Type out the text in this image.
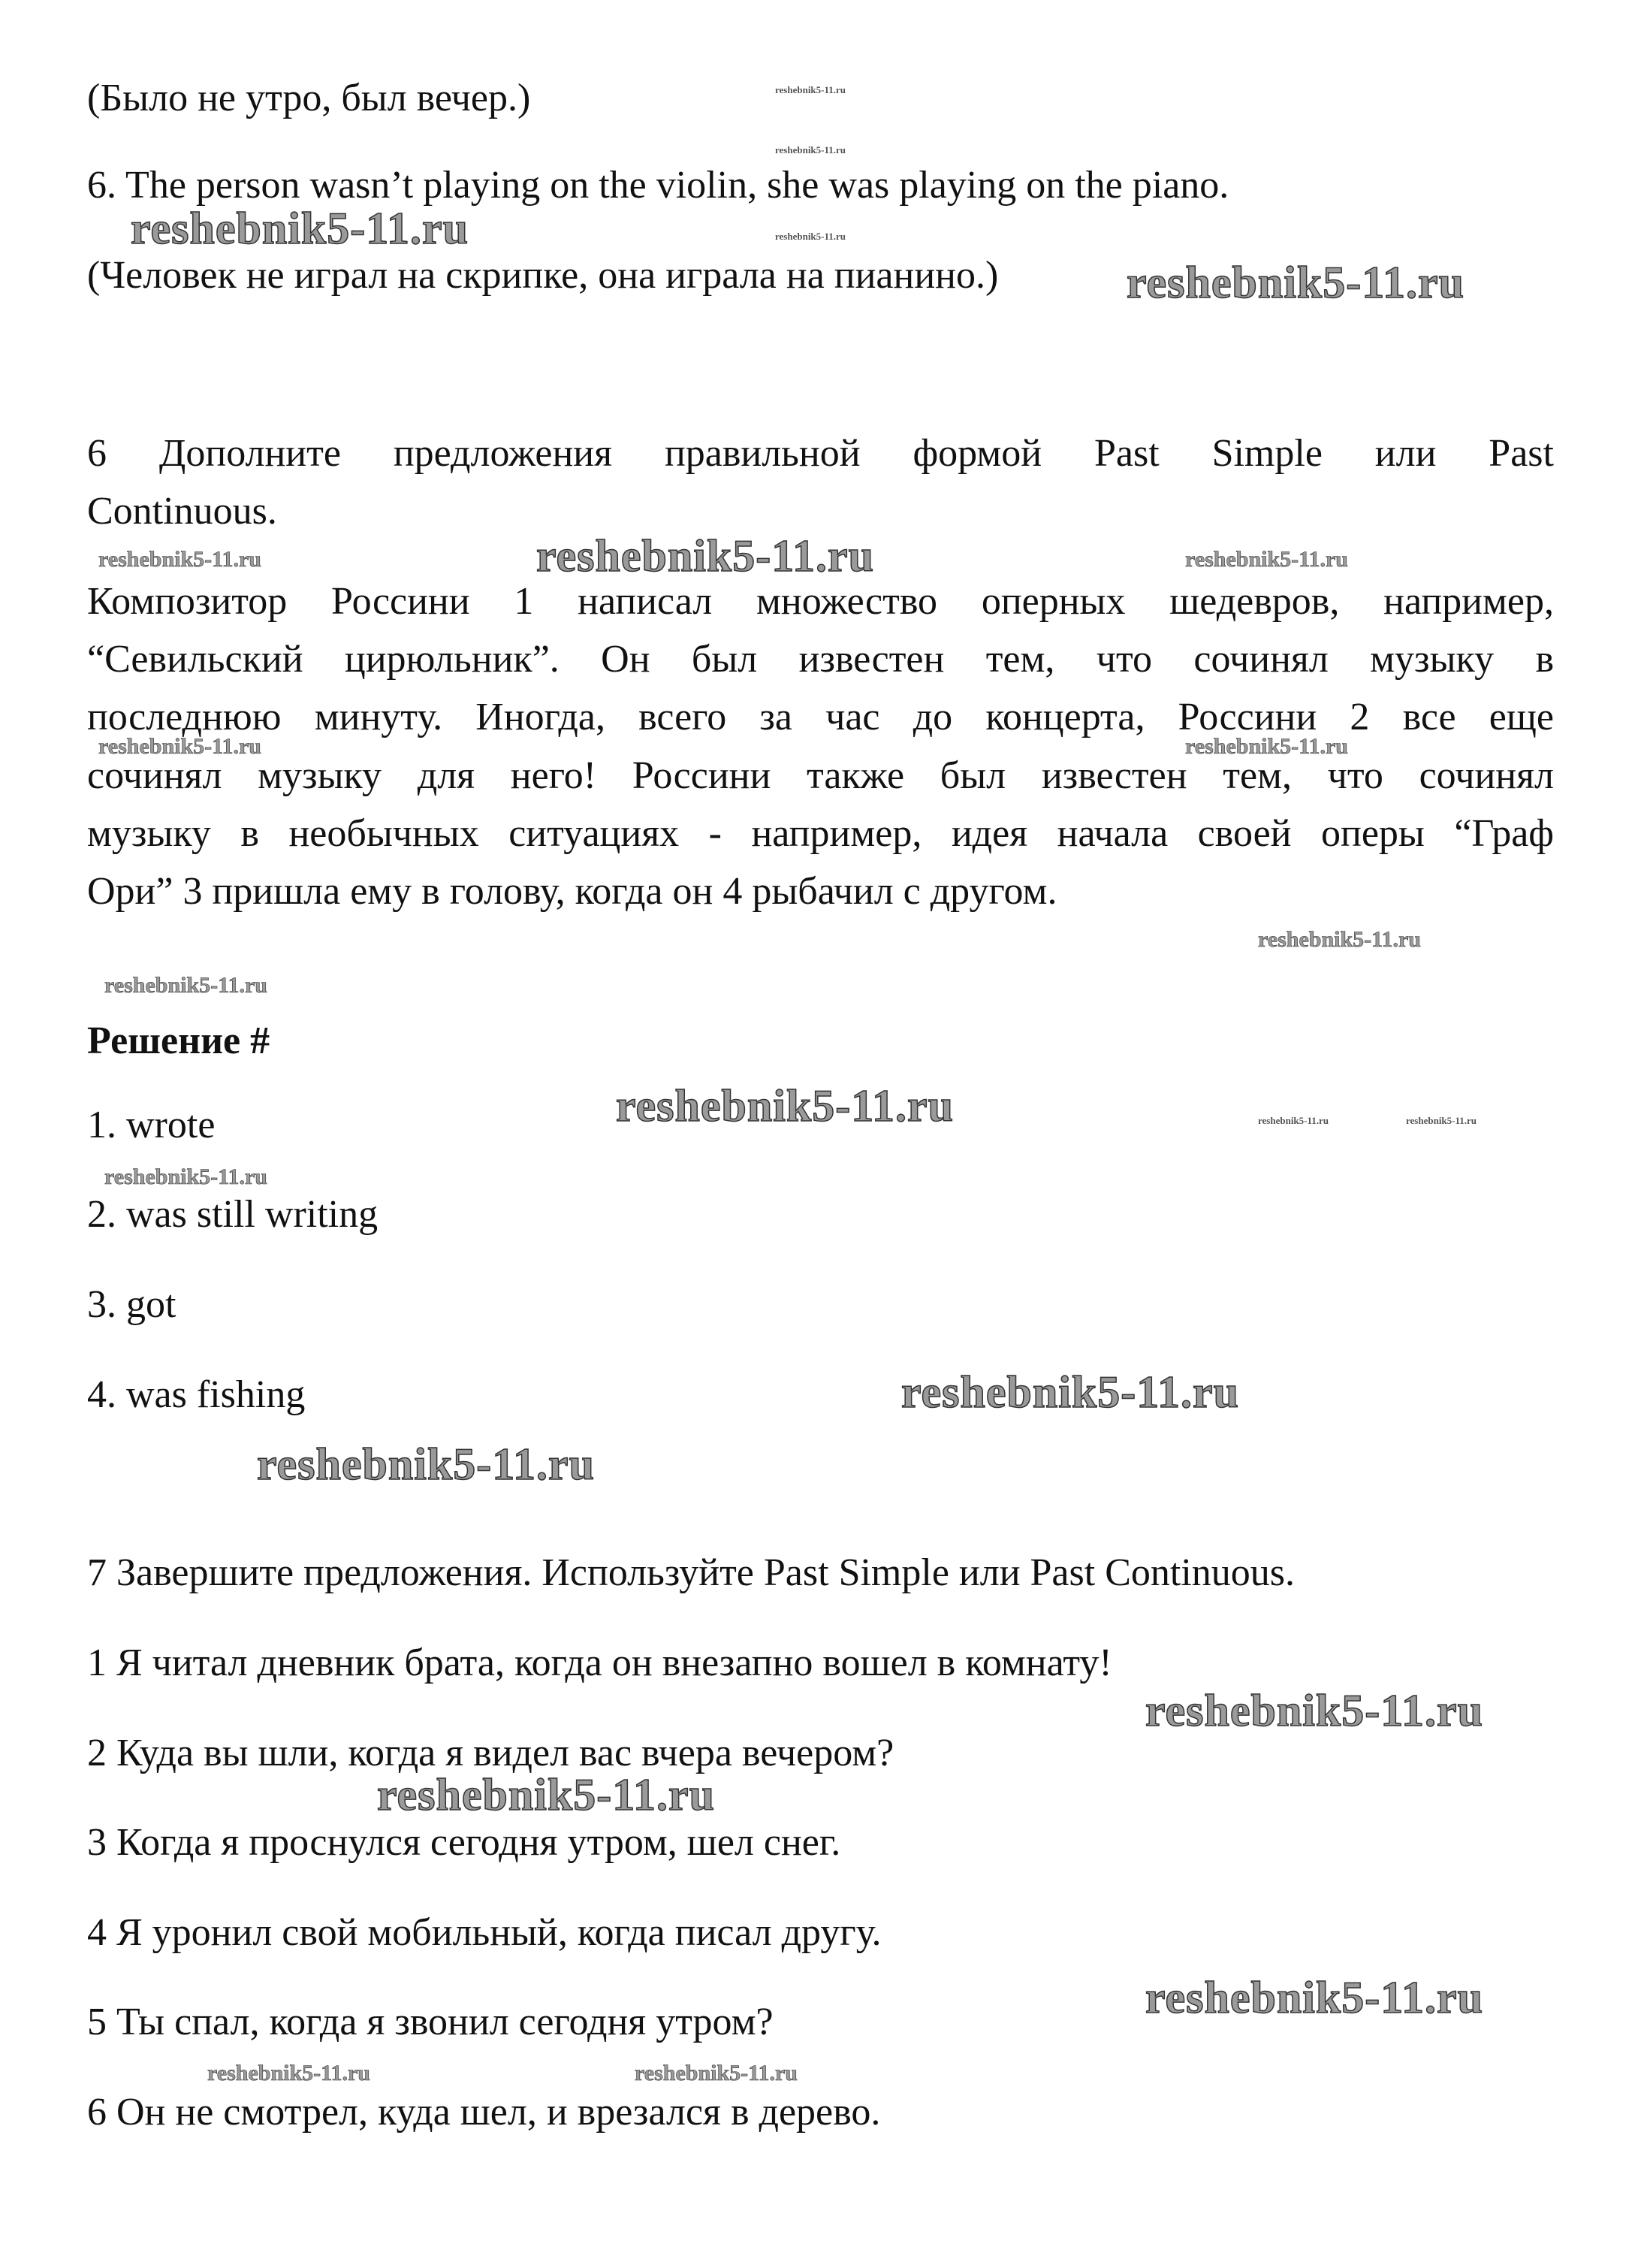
(Было не утро, был вечер.)
6. The person wasn’t playing on the violin, she was playing on the piano.
(Человек не играл на скрипке, она играла на пианино.)
6 Дополните предложения правильной формой Past Simple или Past
Continuous.
Композитор Россини 1 написал множество оперных шедевров, например,
“Севильский цирюльник”. Он был известен тем, что сочинял музыку в
последнюю минуту. Иногда, всего за час до концерта, Россини 2 все еще
сочинял музыку для него! Россини также был известен тем, что сочинял
музыку в необычных ситуациях - например, идея начала своей оперы “Граф
Ори” 3 пришла ему в голову, когда он 4 рыбачил с другом.
Решение #
1. wrote
2. was still writing
3. got
4. was fishing
7 Завершите предложения. Используйте Past Simple или Past Continuous.
1 Я читал дневник брата, когда он внезапно вошел в комнату!
2 Куда вы шли, когда я видел вас вчера вечером?
3 Когда я проснулся сегодня утром, шел снег.
4 Я уронил свой мобильный, когда писал другу.
5 Ты спал, когда я звонил сегодня утром?
6 Он не смотрел, куда шел, и врезался в дерево.
reshebnik5-11.ru
reshebnik5-11.ru
reshebnik5-11.ru
reshebnik5-11.ru
reshebnik5-11.ru
reshebnik5-11.ru	reshebnik5-11.ru	reshebnik5-11.ru
reshebnik5-11.ru	reshebnik5-11.ru
reshebnik5-11.ru
reshebnik5-11.ru
reshebnik5-11.ru	reshebnik5-11.ru	reshebnik5-11.ru
reshebnik5-11.ru
reshebnik5-11.ru
reshebnik5-11.ru
reshebnik5-11.ru
reshebnik5-11.ru
reshebnik5-11.ru
reshebnik5-11.ru	reshebnik5-11.ru
